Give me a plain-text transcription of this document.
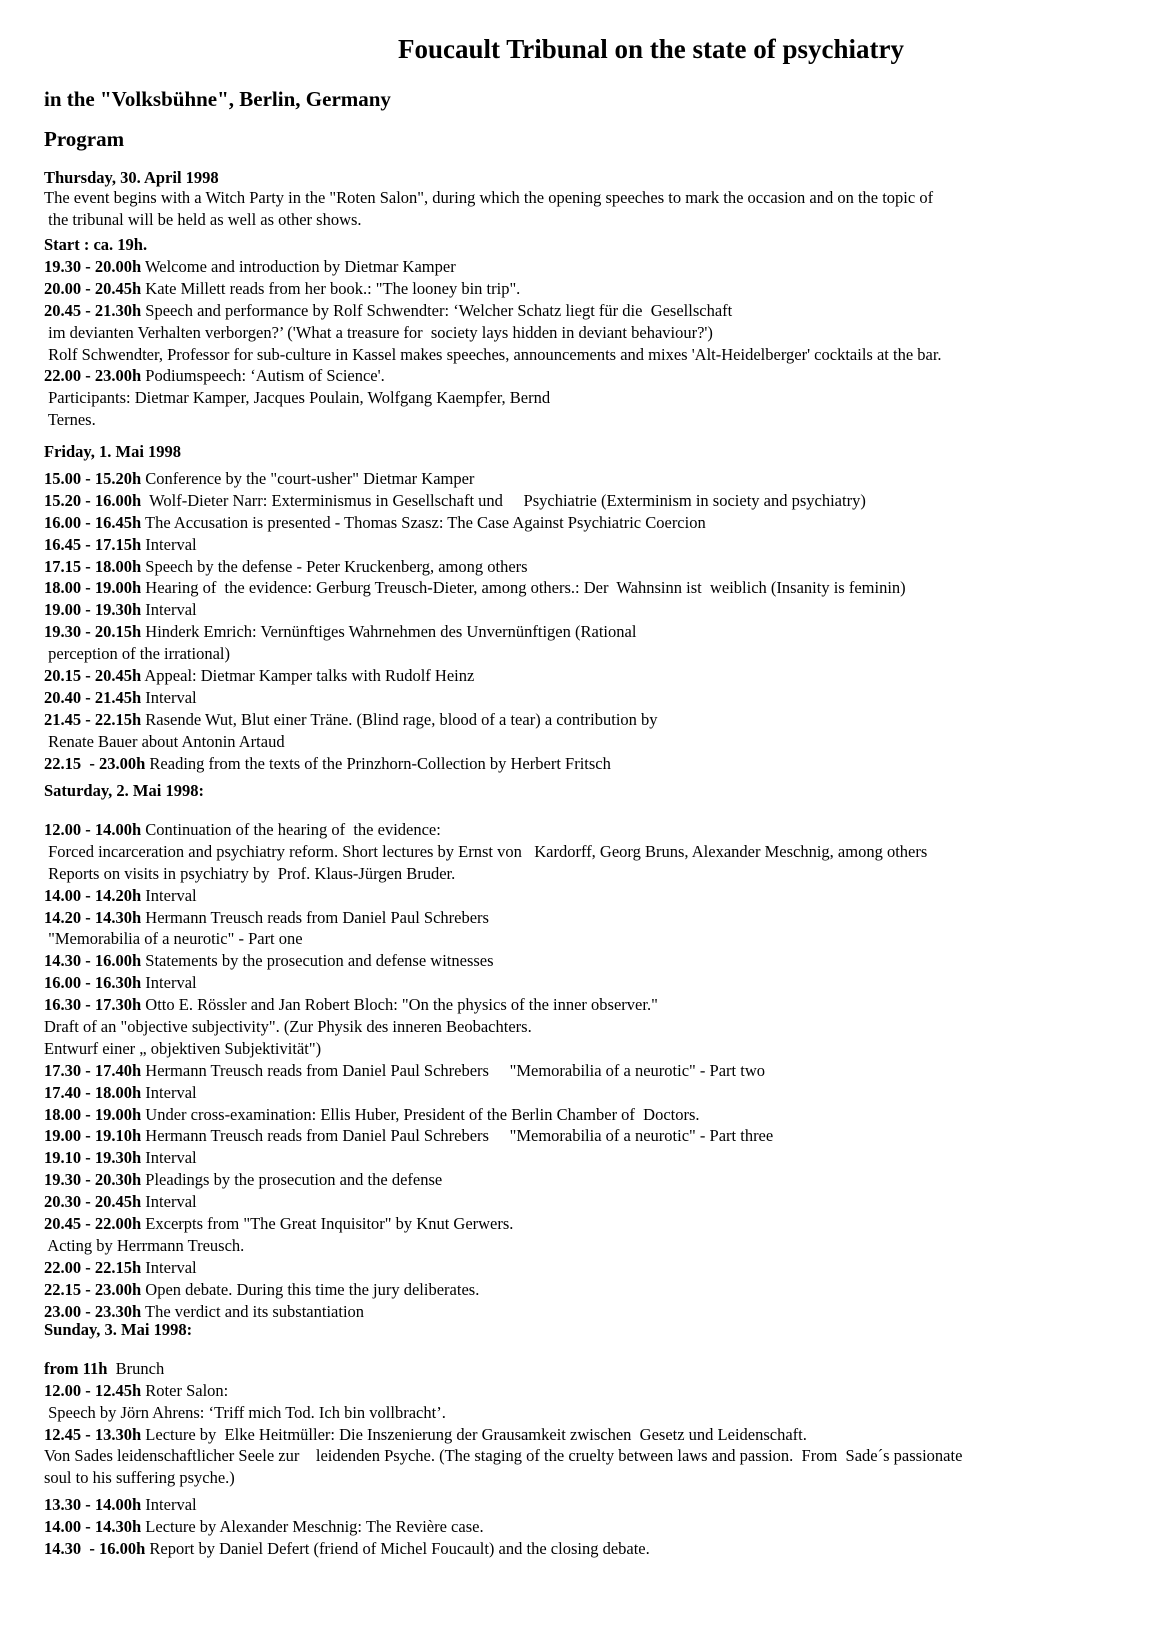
Foucault Tribunal on the state of psychiatry
in the "Volksbühne", Berlin, Germany
Program
Thursday, 30. April 1998
The event begins with a Witch Party in the "Roten Salon", during which the opening speeches to mark the occasion and on the topic of
the tribunal will be held as well as other shows.
Start : ca. 19h.
19.30 - 20.00h Welcome and introduction by Dietmar Kamper
20.00 - 20.45h Kate Millett reads from her book.: "The looney bin trip".
20.45 - 21.30h Speech and performance by Rolf Schwendter: ‘Welcher Schatz liegt für die  Gesellschaft
im devianten Verhalten verborgen?’ ('What a treasure for  society lays hidden in deviant behaviour?')
Rolf Schwendter, Professor for sub-culture in Kassel makes speeches, announcements and mixes 'Alt-Heidelberger' cocktails at the bar.
22.00 - 23.00h Podiumspeech: ‘Autism of Science'.
Participants: Dietmar Kamper, Jacques Poulain, Wolfgang Kaempfer, Bernd
Ternes.
Friday, 1. Mai 1998
15.00 - 15.20h Conference by the "court-usher" Dietmar Kamper
15.20 - 16.00h  Wolf-Dieter Narr: Exterminismus in Gesellschaft und     Psychiatrie (Exterminism in society and psychiatry)
16.00 - 16.45h The Accusation is presented - Thomas Szasz: The Case Against Psychiatric Coercion
16.45 - 17.15h Interval
17.15 - 18.00h Speech by the defense - Peter Kruckenberg, among others
18.00 - 19.00h Hearing of  the evidence: Gerburg Treusch-Dieter, among others.: Der  Wahnsinn ist  weiblich (Insanity is feminin)
19.00 - 19.30h Interval
19.30 - 20.15h Hinderk Emrich: Vernünftiges Wahrnehmen des Unvernünftigen (Rational
perception of the irrational)
20.15 - 20.45h Appeal: Dietmar Kamper talks with Rudolf Heinz
20.40 - 21.45h Interval
21.45 - 22.15h Rasende Wut, Blut einer Träne. (Blind rage, blood of a tear) a contribution by
Renate Bauer about Antonin Artaud
22.15  - 23.00h Reading from the texts of the Prinzhorn-Collection by Herbert Fritsch
Saturday, 2. Mai 1998:
12.00 - 14.00h Continuation of the hearing of  the evidence:
Forced incarceration and psychiatry reform. Short lectures by Ernst von   Kardorff, Georg Bruns, Alexander Meschnig, among others
Reports on visits in psychiatry by  Prof. Klaus-Jürgen Bruder.
14.00 - 14.20h Interval
14.20 - 14.30h Hermann Treusch reads from Daniel Paul Schrebers
"Memorabilia of a neurotic" - Part one
14.30 - 16.00h Statements by the prosecution and defense witnesses
16.00 - 16.30h Interval
16.30 - 17.30h Otto E. Rössler and Jan Robert Bloch: "On the physics of the inner observer."
Draft of an "objective subjectivity". (Zur Physik des inneren Beobachters.
Entwurf einer „ objektiven Subjektivität")
17.30 - 17.40h Hermann Treusch reads from Daniel Paul Schrebers     "Memorabilia of a neurotic" - Part two
17.40 - 18.00h Interval
18.00 - 19.00h Under cross-examination: Ellis Huber, President of the Berlin Chamber of  Doctors.
19.00 - 19.10h Hermann Treusch reads from Daniel Paul Schrebers     "Memorabilia of a neurotic" - Part three
19.10 - 19.30h Interval
19.30 - 20.30h Pleadings by the prosecution and the defense
20.30 - 20.45h Interval
20.45 - 22.00h Excerpts from "The Great Inquisitor" by Knut Gerwers.
Acting by Herrmann Treusch.
22.00 - 22.15h Interval
22.15 - 23.00h Open debate. During this time the jury deliberates.
23.00 - 23.30h The verdict and its substantiation
Sunday, 3. Mai 1998:
from 11h  Brunch
12.00 - 12.45h Roter Salon:
Speech by Jörn Ahrens: ‘Triff mich Tod. Ich bin vollbracht’.
12.45 - 13.30h Lecture by  Elke Heitmüller: Die Inszenierung der Grausamkeit zwischen  Gesetz und Leidenschaft.
Von Sades leidenschaftlicher Seele zur    leidenden Psyche. (The staging of the cruelty between laws and passion.  From  Sade´s passionate
soul to his suffering psyche.)
13.30 - 14.00h Interval
14.00 - 14.30h Lecture by Alexander Meschnig: The Revière case.
14.30  - 16.00h Report by Daniel Defert (friend of Michel Foucault) and the closing debate.
